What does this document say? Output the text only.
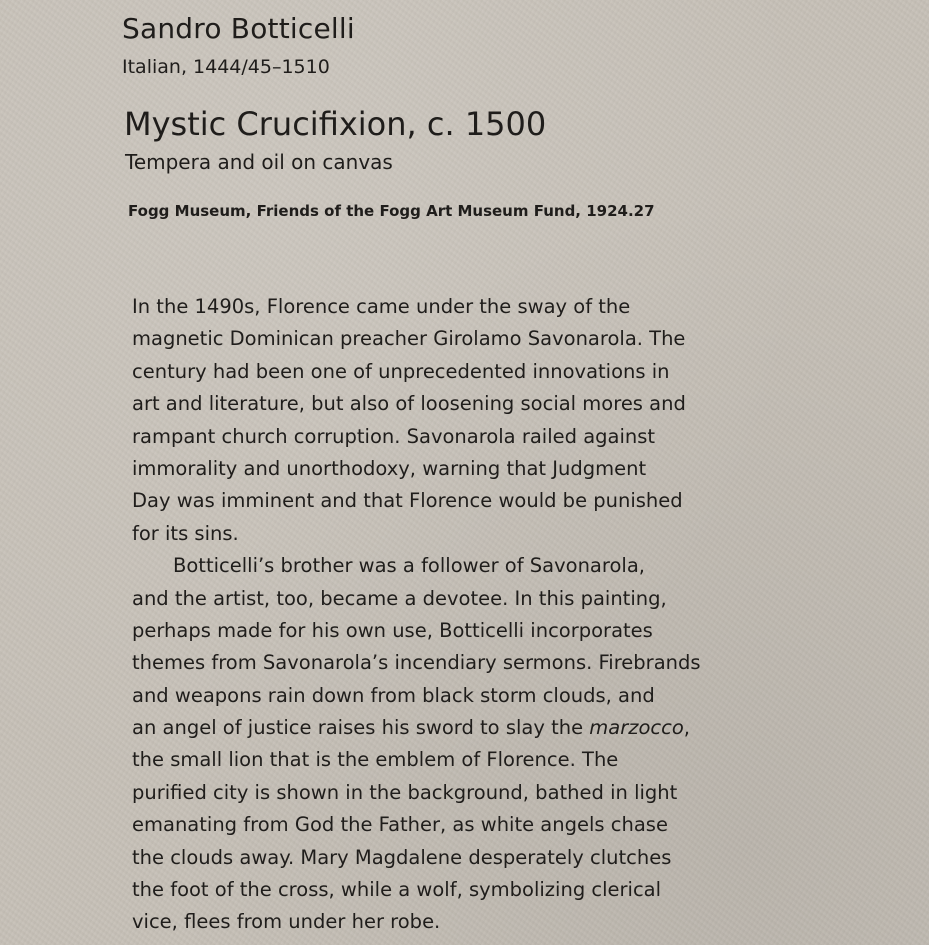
Sandro Botticelli
Italian, 1444/45–1510
Mystic Crucifixion, c. 1500
Tempera and oil on canvas
Fogg Museum, Friends of the Fogg Art Museum Fund, 1924.27
In the 1490s, Florence came under the sway of the
magnetic Dominican preacher Girolamo Savonarola. The
century had been one of unprecedented innovations in
art and literature, but also of loosening social mores and
rampant church corruption. Savonarola railed against
immorality and unorthodoxy, warning that Judgment
Day was imminent and that Florence would be punished
for its sins.
Botticelli’s brother was a follower of Savonarola,
and the artist, too, became a devotee. In this painting,
perhaps made for his own use, Botticelli incorporates
themes from Savonarola’s incendiary sermons. Firebrands
and weapons rain down from black storm clouds, and
an angel of justice raises his sword to slay the marzocco,
the small lion that is the emblem of Florence. The
purified city is shown in the background, bathed in light
emanating from God the Father, as white angels chase
the clouds away. Mary Magdalene desperately clutches
the foot of the cross, while a wolf, symbolizing clerical
vice, flees from under her robe.
